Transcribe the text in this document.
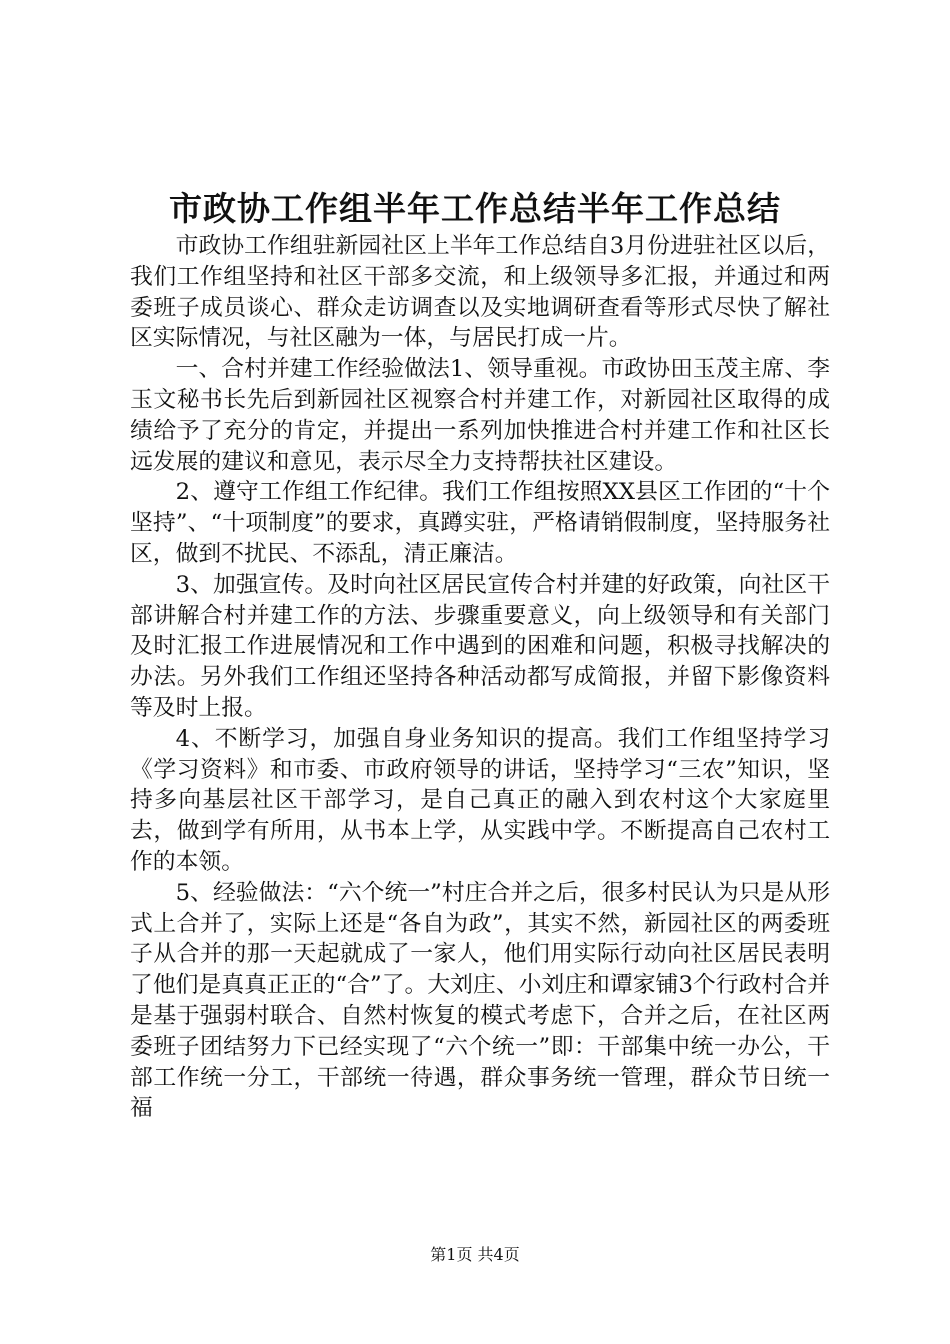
市政协工作组半年工作总结半年工作总结

市政协工作组驻新园社区上半年工作总结自3月份进驻社区以后，我们工作组坚持和社区干部多交流，和上级领导多汇报，并通过和两委班子成员谈心、群众走访调查以及实地调研查看等形式尽快了解社区实际情况，与社区融为一体，与居民打成一片。

一、合村并建工作经验做法1、领导重视。市政协田玉茂主席、李玉文秘书长先后到新园社区视察合村并建工作，对新园社区取得的成绩给予了充分的肯定，并提出一系列加快推进合村并建工作和社区长远发展的建议和意见，表示尽全力支持帮扶社区建设。

2、遵守工作组工作纪律。我们工作组按照XX县区工作团的“十个坚持”、“十项制度”的要求，真蹲实驻，严格请销假制度，坚持服务社区，做到不扰民、不添乱，清正廉洁。

3、加强宣传。及时向社区居民宣传合村并建的好政策，向社区干部讲解合村并建工作的方法、步骤重要意义，向上级领导和有关部门及时汇报工作进展情况和工作中遇到的困难和问题，积极寻找解决的办法。另外我们工作组还坚持各种活动都写成简报，并留下影像资料等及时上报。

4、不断学习，加强自身业务知识的提高。我们工作组坚持学习《学习资料》和市委、市政府领导的讲话，坚持学习“三农”知识，坚持多向基层社区干部学习，是自己真正的融入到农村这个大家庭里去，做到学有所用，从书本上学，从实践中学。不断提高自己农村工作的本领。

5、经验做法：“六个统一”村庄合并之后，很多村民认为只是从形式上合并了，实际上还是“各自为政”，其实不然，新园社区的两委班子从合并的那一天起就成了一家人，他们用实际行动向社区居民表明了他们是真真正正的“合”了。大刘庄、小刘庄和谭家铺3个行政村合并是基于强弱村联合、自然村恢复的模式考虑下，合并之后，在社区两委班子团结努力下已经实现了“六个统一”即：干部集中统一办公，干部工作统一分工，干部统一待遇，群众事务统一管理，群众节日统一福

第1页 共4页
